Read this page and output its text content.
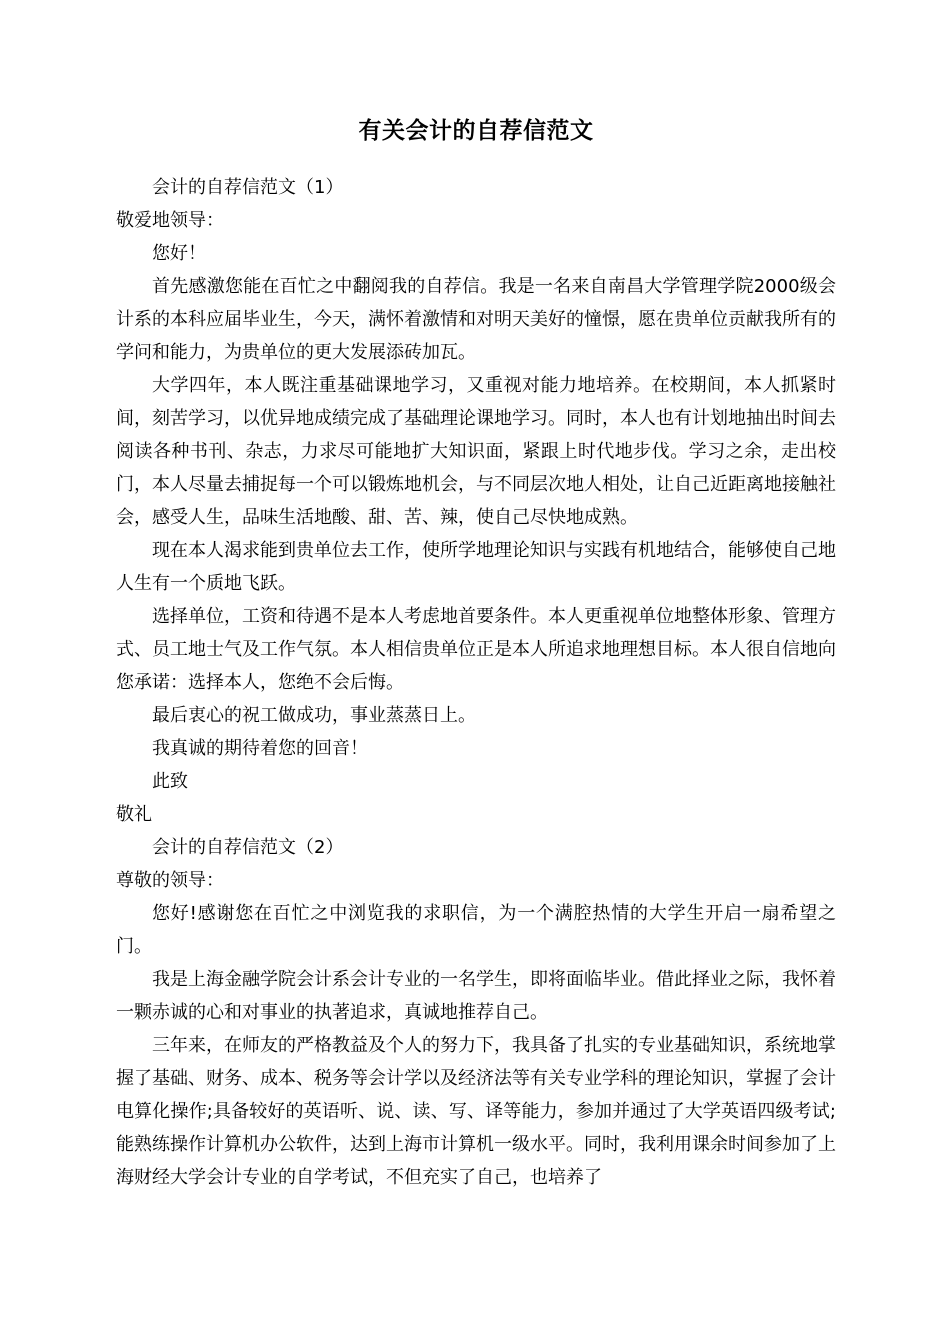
有关会计的自荐信范文

会计的自荐信范文（1）

敬爱地领导：

您好！

首先感激您能在百忙之中翻阅我的自荐信。我是一名来自南昌大学管理学院2000级会计系的本科应届毕业生，今天，满怀着激情和对明天美好的憧憬，愿在贵单位贡献我所有的学问和能力，为贵单位的更大发展添砖加瓦。

大学四年，本人既注重基础课地学习，又重视对能力地培养。在校期间，本人抓紧时间，刻苦学习，以优异地成绩完成了基础理论课地学习。同时，本人也有计划地抽出时间去阅读各种书刊、杂志，力求尽可能地扩大知识面，紧跟上时代地步伐。学习之余，走出校门，本人尽量去捕捉每一个可以锻炼地机会，与不同层次地人相处，让自己近距离地接触社会，感受人生，品味生活地酸、甜、苦、辣，使自己尽快地成熟。

现在本人渴求能到贵单位去工作，使所学地理论知识与实践有机地结合，能够使自己地人生有一个质地飞跃。

选择单位，工资和待遇不是本人考虑地首要条件。本人更重视单位地整体形象、管理方式、员工地士气及工作气氛。本人相信贵单位正是本人所追求地理想目标。本人很自信地向您承诺：选择本人，您绝不会后悔。

最后衷心的祝工做成功，事业蒸蒸日上。

我真诚的期待着您的回音！

此致

敬礼

会计的自荐信范文（2）

尊敬的领导：

您好!感谢您在百忙之中浏览我的求职信，为一个满腔热情的大学生开启一扇希望之门。

我是上海金融学院会计系会计专业的一名学生，即将面临毕业。借此择业之际，我怀着一颗赤诚的心和对事业的执著追求，真诚地推荐自己。

三年来，在师友的严格教益及个人的努力下，我具备了扎实的专业基础知识，系统地掌握了基础、财务、成本、税务等会计学以及经济法等有关专业学科的理论知识，掌握了会计电算化操作;具备较好的英语听、说、读、写、译等能力，参加并通过了大学英语四级考试;能熟练操作计算机办公软件，达到上海市计算机一级水平。同时，我利用课余时间参加了上海财经大学会计专业的自学考试，不但充实了自己，也培养了
